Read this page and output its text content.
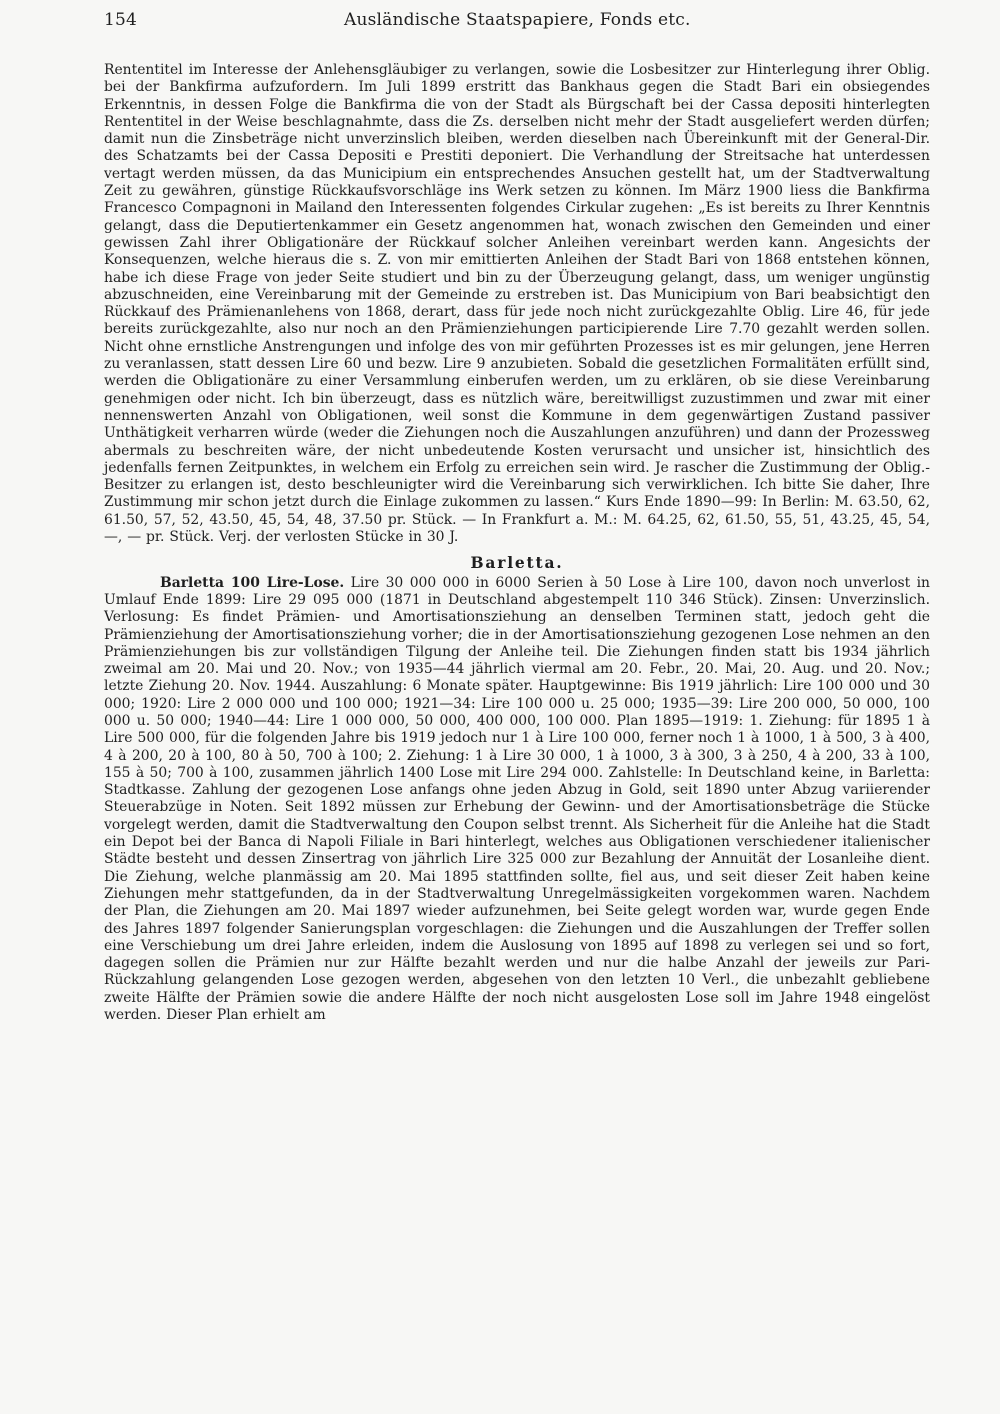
154	Ausländische Staatspapiere, Fonds etc.

Rententitel im Interesse der Anlehensgläubiger zu verlangen, sowie die Losbesitzer zur Hinterlegung ihrer Oblig. bei der Bankfirma aufzufordern. Im Juli 1899 erstritt das Bankhaus gegen die Stadt Bari ein obsiegendes Erkenntnis, in dessen Folge die Bankfirma die von der Stadt als Bürgschaft bei der Cassa depositi hinterlegten Rententitel in der Weise beschlagnahmte, dass die Zs. derselben nicht mehr der Stadt ausgeliefert werden dürfen; damit nun die Zinsbeträge nicht unverzinslich bleiben, werden dieselben nach Übereinkunft mit der General-Dir. des Schatzamts bei der Cassa Depositi e Prestiti deponiert. Die Verhandlung der Streitsache hat unterdessen vertagt werden müssen, da das Municipium ein entsprechendes Ansuchen gestellt hat, um der Stadtverwaltung Zeit zu gewähren, günstige Rückkaufsvorschläge ins Werk setzen zu können. Im März 1900 liess die Bankfirma Francesco Compagnoni in Mailand den Interessenten folgendes Cirkular zugehen: „Es ist bereits zu Ihrer Kenntnis gelangt, dass die Deputiertenkammer ein Gesetz angenommen hat, wonach zwischen den Gemeinden und einer gewissen Zahl ihrer Obligationäre der Rückkauf solcher Anleihen vereinbart werden kann. Angesichts der Konsequenzen, welche hieraus die s. Z. von mir emittierten Anleihen der Stadt Bari von 1868 entstehen können, habe ich diese Frage von jeder Seite studiert und bin zu der Überzeugung gelangt, dass, um weniger ungünstig abzuschneiden, eine Vereinbarung mit der Gemeinde zu erstreben ist. Das Municipium von Bari beabsichtigt den Rückkauf des Prämienanlehens von 1868, derart, dass für jede noch nicht zurückgezahlte Oblig. Lire 46, für jede bereits zurückgezahlte, also nur noch an den Prämienziehungen participierende Lire 7.70 gezahlt werden sollen. Nicht ohne ernstliche Anstrengungen und infolge des von mir geführten Prozesses ist es mir gelungen, jene Herren zu veranlassen, statt dessen Lire 60 und bezw. Lire 9 anzubieten. Sobald die gesetzlichen Formalitäten erfüllt sind, werden die Obligationäre zu einer Versammlung einberufen werden, um zu erklären, ob sie diese Vereinbarung genehmigen oder nicht. Ich bin überzeugt, dass es nützlich wäre, bereitwilligst zuzustimmen und zwar mit einer nennenswerten Anzahl von Obligationen, weil sonst die Kommune in dem gegenwärtigen Zustand passiver Unthätigkeit verharren würde (weder die Ziehungen noch die Auszahlungen anzuführen) und dann der Prozessweg abermals zu beschreiten wäre, der nicht unbedeutende Kosten verursacht und unsicher ist, hinsichtlich des jedenfalls fernen Zeitpunktes, in welchem ein Erfolg zu erreichen sein wird. Je rascher die Zustimmung der Oblig.-Besitzer zu erlangen ist, desto beschleunigter wird die Vereinbarung sich verwirklichen. Ich bitte Sie daher, Ihre Zustimmung mir schon jetzt durch die Einlage zukommen zu lassen.“ Kurs Ende 1890—99: In Berlin: M. 63.50, 62, 61.50, 57, 52, 43.50, 45, 54, 48, 37.50 pr. Stück. — In Frankfurt a. M.: M. 64.25, 62, 61.50, 55, 51, 43.25, 45, 54, —, — pr. Stück. Verj. der verlosten Stücke in 30 J.

Barletta.

Barletta 100 Lire-Lose. Lire 30 000 000 in 6000 Serien à 50 Lose à Lire 100, davon noch unverlost in Umlauf Ende 1899: Lire 29 095 000 (1871 in Deutschland abgestempelt 110 346 Stück). Zinsen: Unverzinslich. Verlosung: Es findet Prämien- und Amortisationsziehung an denselben Terminen statt, jedoch geht die Prämienziehung der Amortisationsziehung vorher; die in der Amortisationsziehung gezogenen Lose nehmen an den Prämienziehungen bis zur vollständigen Tilgung der Anleihe teil. Die Ziehungen finden statt bis 1934 jährlich zweimal am 20. Mai und 20. Nov.; von 1935—44 jährlich viermal am 20. Febr., 20. Mai, 20. Aug. und 20. Nov.; letzte Ziehung 20. Nov. 1944. Auszahlung: 6 Monate später. Hauptgewinne: Bis 1919 jährlich: Lire 100 000 und 30 000; 1920: Lire 2 000 000 und 100 000; 1921—34: Lire 100 000 u. 25 000; 1935—39: Lire 200 000, 50 000, 100 000 u. 50 000; 1940—44: Lire 1 000 000, 50 000, 400 000, 100 000. Plan 1895—1919: 1. Ziehung: für 1895 1 à Lire 500 000, für die folgenden Jahre bis 1919 jedoch nur 1 à Lire 100 000, ferner noch 1 à 1000, 1 à 500, 3 à 400, 4 à 200, 20 à 100, 80 à 50, 700 à 100; 2. Ziehung: 1 à Lire 30 000, 1 à 1000, 3 à 300, 3 à 250, 4 à 200, 33 à 100, 155 à 50; 700 à 100, zusammen jährlich 1400 Lose mit Lire 294 000. Zahlstelle: In Deutschland keine, in Barletta: Stadtkasse. Zahlung der gezogenen Lose anfangs ohne jeden Abzug in Gold, seit 1890 unter Abzug variierender Steuerabzüge in Noten. Seit 1892 müssen zur Erhebung der Gewinn- und der Amortisationsbeträge die Stücke vorgelegt werden, damit die Stadtverwaltung den Coupon selbst trennt. Als Sicherheit für die Anleihe hat die Stadt ein Depot bei der Banca di Napoli Filiale in Bari hinterlegt, welches aus Obligationen verschiedener italienischer Städte besteht und dessen Zinsertrag von jährlich Lire 325 000 zur Bezahlung der Annuität der Losanleihe dient. Die Ziehung, welche planmässig am 20. Mai 1895 stattfinden sollte, fiel aus, und seit dieser Zeit haben keine Ziehungen mehr stattgefunden, da in der Stadtverwaltung Unregelmässigkeiten vorgekommen waren. Nachdem der Plan, die Ziehungen am 20. Mai 1897 wieder aufzunehmen, bei Seite gelegt worden war, wurde gegen Ende des Jahres 1897 folgender Sanierungsplan vorgeschlagen: die Ziehungen und die Auszahlungen der Treffer sollen eine Verschiebung um drei Jahre erleiden, indem die Auslosung von 1895 auf 1898 zu verlegen sei und so fort, dagegen sollen die Prämien nur zur Hälfte bezahlt werden und nur die halbe Anzahl der jeweils zur Pari-Rückzahlung gelangenden Lose gezogen werden, abgesehen von den letzten 10 Verl., die unbezahlt gebliebene zweite Hälfte der Prämien sowie die andere Hälfte der noch nicht ausgelosten Lose soll im Jahre 1948 eingelöst werden. Dieser Plan erhielt am
